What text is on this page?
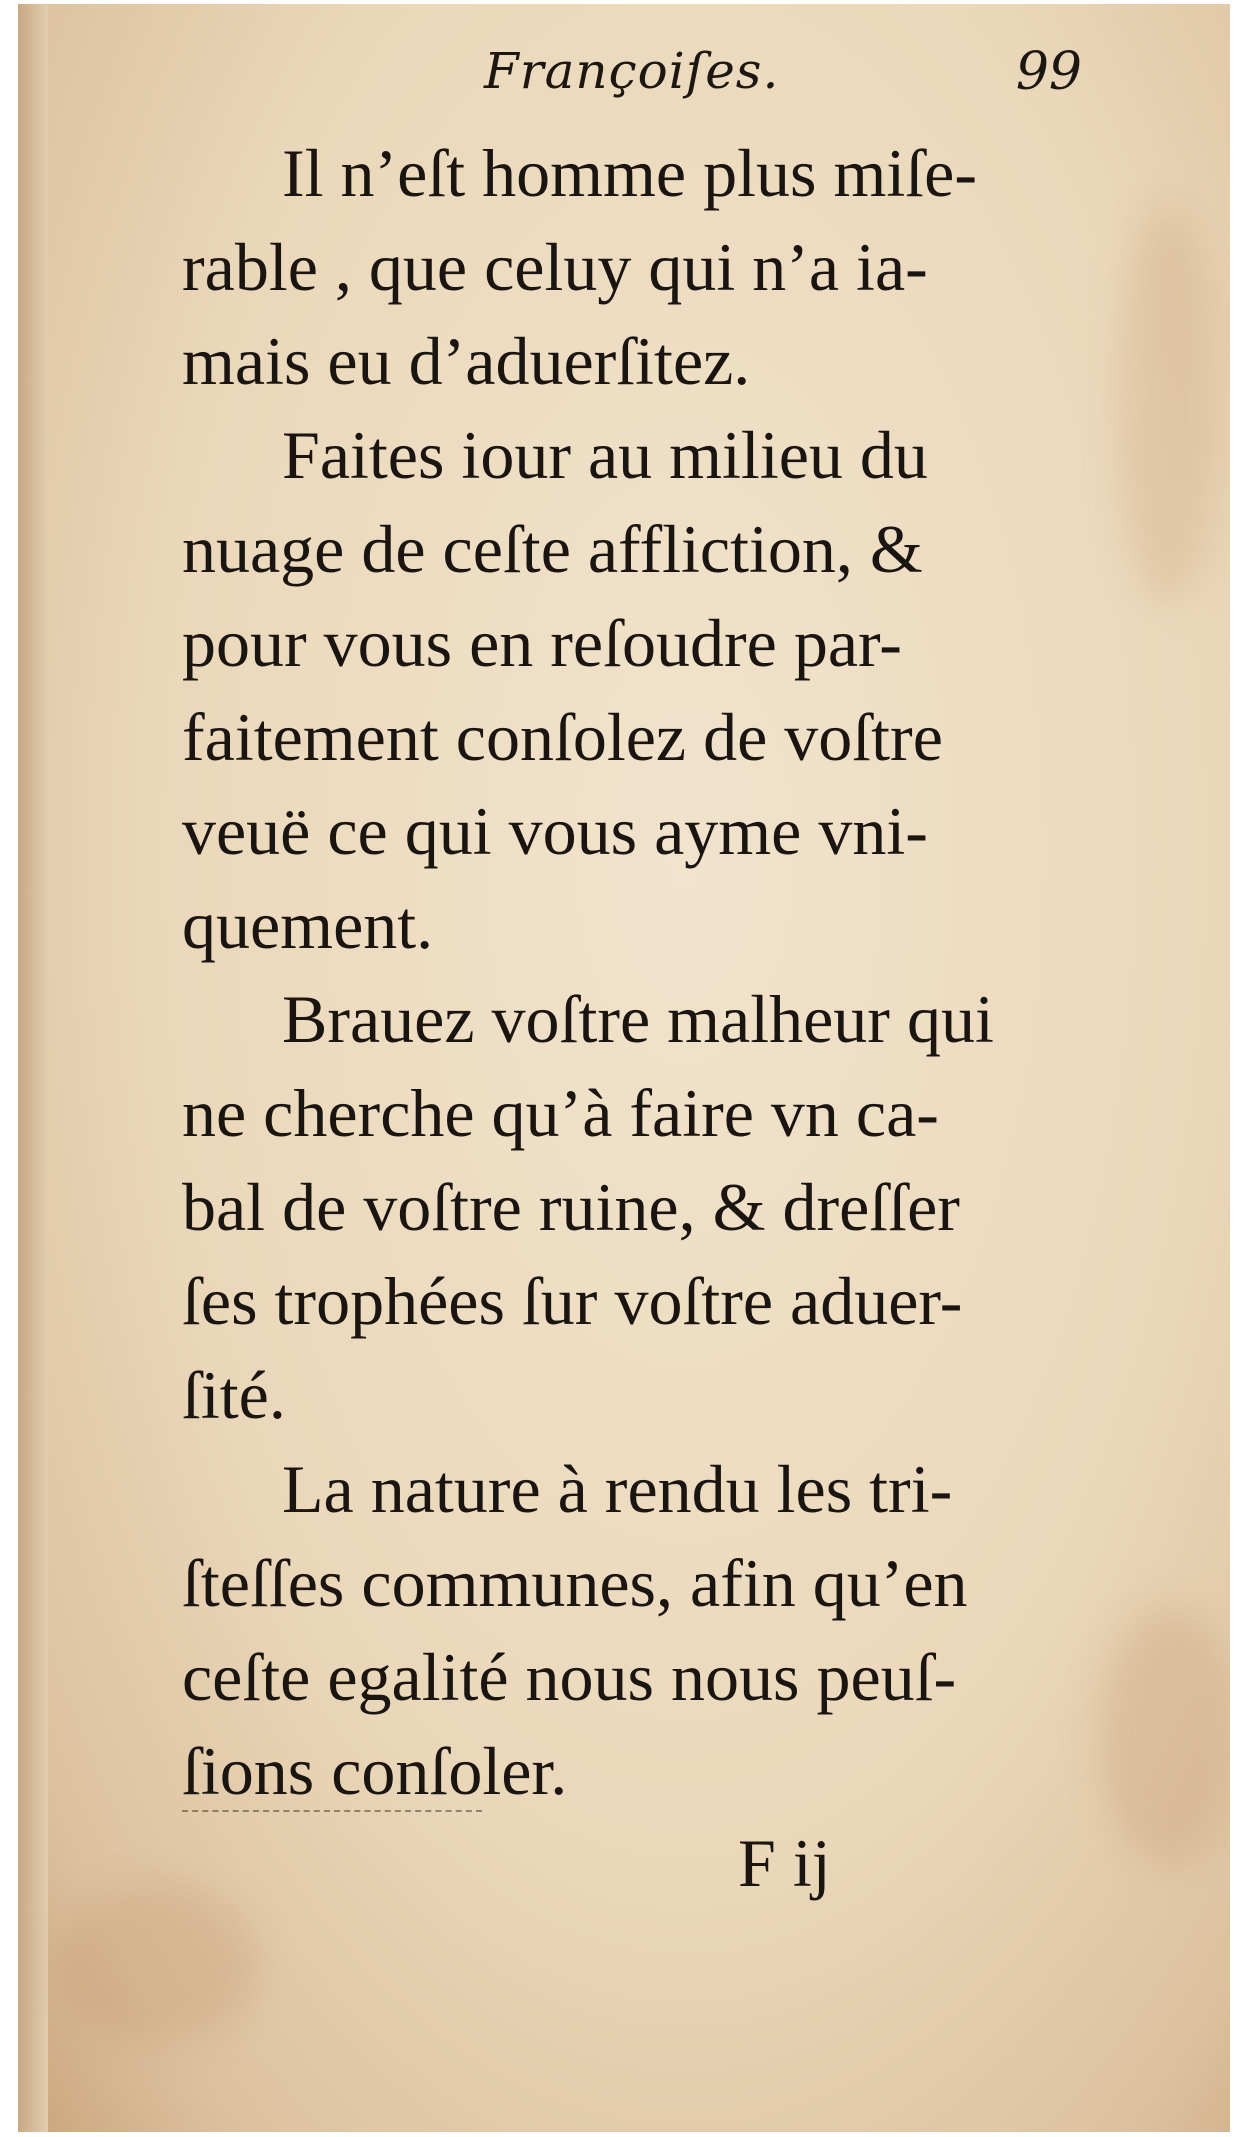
Françoiſes.	99
Il n’eſt homme plus miſe-
rable , que celuy qui n’a ia-
mais eu d’aduerſitez.
Faites iour au milieu du
nuage de ceſte affliction, &
pour vous en reſoudre par-
faitement conſolez de voſtre
veuë ce qui vous ayme vni-
quement.
Brauez voſtre malheur qui
ne cherche qu’à faire vn ca-
bal de voſtre ruine, & dreſſer
ſes trophées ſur voſtre aduer-
ſité.
La nature à rendu les tri-
ſteſſes communes, afin qu’en
ceſte egalité nous nous peuſ-
ſions conſoler.
F ij
